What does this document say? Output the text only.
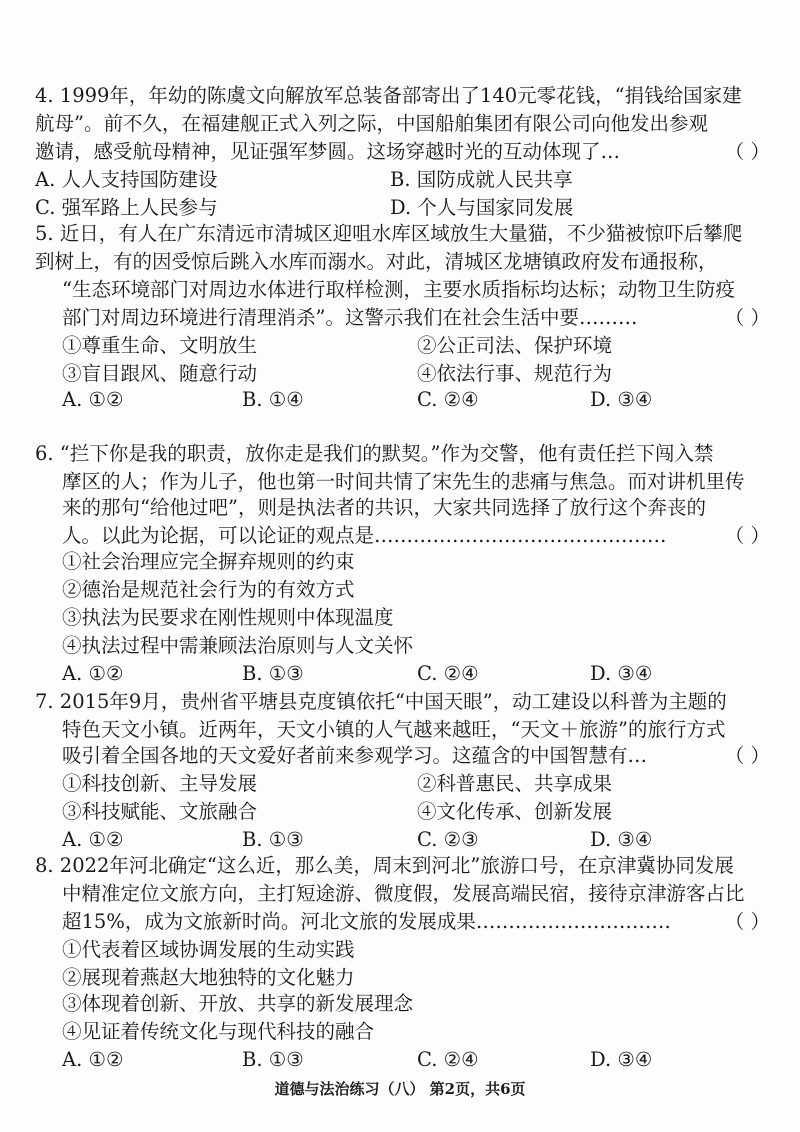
4. 1999年，年幼的陈虞文向解放军总装备部寄出了140元零花钱，“捐钱给国家建
航母”。前不久，在福建舰正式入列之际，中国船舶集团有限公司向他发出参观
邀请，感受航母精神，见证强军梦圆。这场穿越时光的互动体现了…	（ ）
A. 人人支持国防建设	B. 国防成就人民共享
C. 强军路上人民参与	D. 个人与国家同发展
5. 近日，有人在广东清远市清城区迎咀水库区域放生大量猫，不少猫被惊吓后攀爬
到树上，有的因受惊后跳入水库而溺水。对此，清城区龙塘镇政府发布通报称，
“生态环境部门对周边水体进行取样检测，主要水质指标均达标；动物卫生防疫
部门对周边环境进行清理消杀”。这警示我们在社会生活中要………	（ ）
①尊重生命、文明放生	②公正司法、保护环境
③盲目跟风、随意行动	④依法行事、规范行为
A. ①②	B. ①④	C. ②④	D. ③④
6. “拦下你是我的职责，放你走是我们的默契。”作为交警，他有责任拦下闯入禁
摩区的人；作为儿子，他也第一时间共情了宋先生的悲痛与焦急。而对讲机里传
来的那句“给他过吧”，则是执法者的共识，大家共同选择了放行这个奔丧的
人。以此为论据，可以论证的观点是………………………………………	（ ）
①社会治理应完全摒弃规则的约束
②德治是规范社会行为的有效方式
③执法为民要求在刚性规则中体现温度
④执法过程中需兼顾法治原则与人文关怀
A. ①②	B. ①③	C. ②④	D. ③④
7. 2015年9月，贵州省平塘县克度镇依托“中国天眼”，动工建设以科普为主题的
特色天文小镇。近两年，天文小镇的人气越来越旺，“天文＋旅游”的旅行方式
吸引着全国各地的天文爱好者前来参观学习。这蕴含的中国智慧有…	（ ）
①科技创新、主导发展	②科普惠民、共享成果
③科技赋能、文旅融合	④文化传承、创新发展
A. ①②	B. ①③	C. ②③	D. ③④
8. 2022年河北确定“这么近，那么美，周末到河北”旅游口号，在京津冀协同发展
中精准定位文旅方向，主打短途游、微度假，发展高端民宿，接待京津游客占比
超15%，成为文旅新时尚。河北文旅的发展成果…………………………	（ ）
①代表着区域协调发展的生动实践
②展现着燕赵大地独特的文化魅力
③体现着创新、开放、共享的新发展理念
④见证着传统文化与现代科技的融合
A. ①②	B. ①③	C. ②④	D. ③④
道德与法治练习（八） 第2页，共6页
